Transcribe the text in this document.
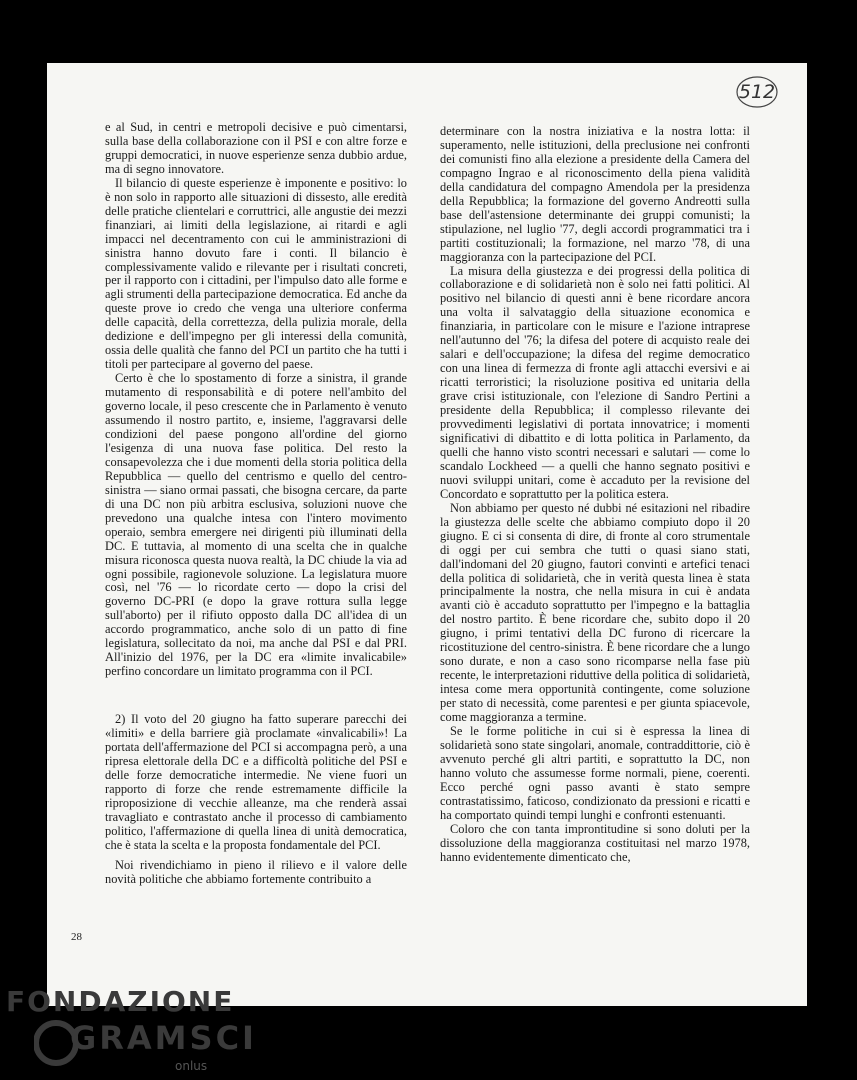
512

e al Sud, in centri e metropoli decisive e può cimentarsi, sulla base della collaborazione con il PSI e con altre forze e gruppi democratici, in nuove esperienze senza dubbio ardue, ma di segno innovatore.

Il bilancio di queste esperienze è imponente e positivo: lo è non solo in rapporto alle situazioni di dissesto, alle eredità delle pratiche clientelari e corruttrici, alle angustie dei mezzi finanziari, ai limiti della legislazione, ai ritardi e agli impacci nel decentramento con cui le amministrazioni di sinistra hanno dovuto fare i conti. Il bilancio è complessivamente valido e rilevante per i risultati concreti, per il rapporto con i cittadini, per l'impulso dato alle forme e agli strumenti della partecipazione democratica. Ed anche da queste prove io credo che venga una ulteriore conferma delle capacità, della correttezza, della pulizia morale, della dedizione e dell'impegno per gli interessi della comunità, ossia delle qualità che fanno del PCI un partito che ha tutti i titoli per partecipare al governo del paese.

Certo è che lo spostamento di forze a sinistra, il grande mutamento di responsabilità e di potere nell'ambito del governo locale, il peso crescente che in Parlamento è venuto assumendo il nostro partito, e, insieme, l'aggravarsi delle condizioni del paese pongono all'ordine del giorno l'esigenza di una nuova fase politica. Del resto la consapevolezza che i due momenti della storia politica della Repubblica — quello del centrismo e quello del centro-sinistra — siano ormai passati, che bisogna cercare, da parte di una DC non più arbitra esclusiva, soluzioni nuove che prevedono una qualche intesa con l'intero movimento operaio, sembra emergere nei dirigenti più illuminati della DC. E tuttavia, al momento di una scelta che in qualche misura riconosca questa nuova realtà, la DC chiude la via ad ogni possibile, ragionevole soluzione. La legislatura muore così, nel '76 — lo ricordate certo — dopo la crisi del governo DC-PRI (e dopo la grave rottura sulla legge sull'aborto) per il rifiuto opposto dalla DC all'idea di un accordo programmatico, anche solo di un patto di fine legislatura, sollecitato da noi, ma anche dal PSI e dal PRI. All'inizio del 1976, per la DC era «limite invalicabile» perfino concordare un limitato programma con il PCI.

2) Il voto del 20 giugno ha fatto superare parecchi dei «limiti» e della barriere già proclamate «invalicabili»! La portata dell'affermazione del PCI si accompagna però, a una ripresa elettorale della DC e a difficoltà politiche del PSI e delle forze democratiche intermedie. Ne viene fuori un rapporto di forze che rende estremamente difficile la riproposizione di vecchie alleanze, ma che renderà assai travagliato e contrastato anche il processo di cambiamento politico, l'affermazione di quella linea di unità democratica, che è stata la scelta e la proposta fondamentale del PCI.

Noi rivendichiamo in pieno il rilievo e il valore delle novità politiche che abbiamo fortemente contribuito a

determinare con la nostra iniziativa e la nostra lotta: il superamento, nelle istituzioni, della preclusione nei confronti dei comunisti fino alla elezione a presidente della Camera del compagno Ingrao e al riconoscimento della piena validità della candidatura del compagno Amendola per la presidenza della Repubblica; la formazione del governo Andreotti sulla base dell'astensione determinante dei gruppi comunisti; la stipulazione, nel luglio '77, degli accordi programmatici tra i partiti costituzionali; la formazione, nel marzo '78, di una maggioranza con la partecipazione del PCI.

La misura della giustezza e dei progressi della politica di collaborazione e di solidarietà non è solo nei fatti politici. Al positivo nel bilancio di questi anni è bene ricordare ancora una volta il salvataggio della situazione economica e finanziaria, in particolare con le misure e l'azione intraprese nell'autunno del '76; la difesa del potere di acquisto reale dei salari e dell'occupazione; la difesa del regime democratico con una linea di fermezza di fronte agli attacchi eversivi e ai ricatti terroristici; la risoluzione positiva ed unitaria della grave crisi istituzionale, con l'elezione di Sandro Pertini a presidente della Repubblica; il complesso rilevante dei provvedimenti legislativi di portata innovatrice; i momenti significativi di dibattito e di lotta politica in Parlamento, da quelli che hanno visto scontri necessari e salutari — come lo scandalo Lockheed — a quelli che hanno segnato positivi e nuovi sviluppi unitari, come è accaduto per la revisione del Concordato e soprattutto per la politica estera.

Non abbiamo per questo né dubbi né esitazioni nel ribadire la giustezza delle scelte che abbiamo compiuto dopo il 20 giugno. E ci si consenta di dire, di fronte al coro strumentale di oggi per cui sembra che tutti o quasi siano stati, dall'indomani del 20 giugno, fautori convinti e artefici tenaci della politica di solidarietà, che in verità questa linea è stata principalmente la nostra, che nella misura in cui è andata avanti ciò è accaduto soprattutto per l'impegno e la battaglia del nostro partito. È bene ricordare che, subito dopo il 20 giugno, i primi tentativi della DC furono di ricercare la ricostituzione del centro-sinistra. È bene ricordare che a lungo sono durate, e non a caso sono ricomparse nella fase più recente, le interpretazioni riduttive della politica di solidarietà, intesa come mera opportunità contingente, come soluzione per stato di necessità, come parentesi e per giunta spiacevole, come maggioranza a termine.

Se le forme politiche in cui si è espressa la linea di solidarietà sono state singolari, anomale, contraddittorie, ciò è avvenuto perché gli altri partiti, e soprattutto la DC, non hanno voluto che assumesse forme normali, piene, coerenti. Ecco perché ogni passo avanti è stato sempre contrastatissimo, faticoso, condizionato da pressioni e ricatti e ha comportato quindi tempi lunghi e confronti estenuanti.

Coloro che con tanta improntitudine si sono doluti per la dissoluzione della maggioranza costituitasi nel marzo 1978, hanno evidentemente dimenticato che,

28
FONDAZIONE
GRAMSCI
onlus
